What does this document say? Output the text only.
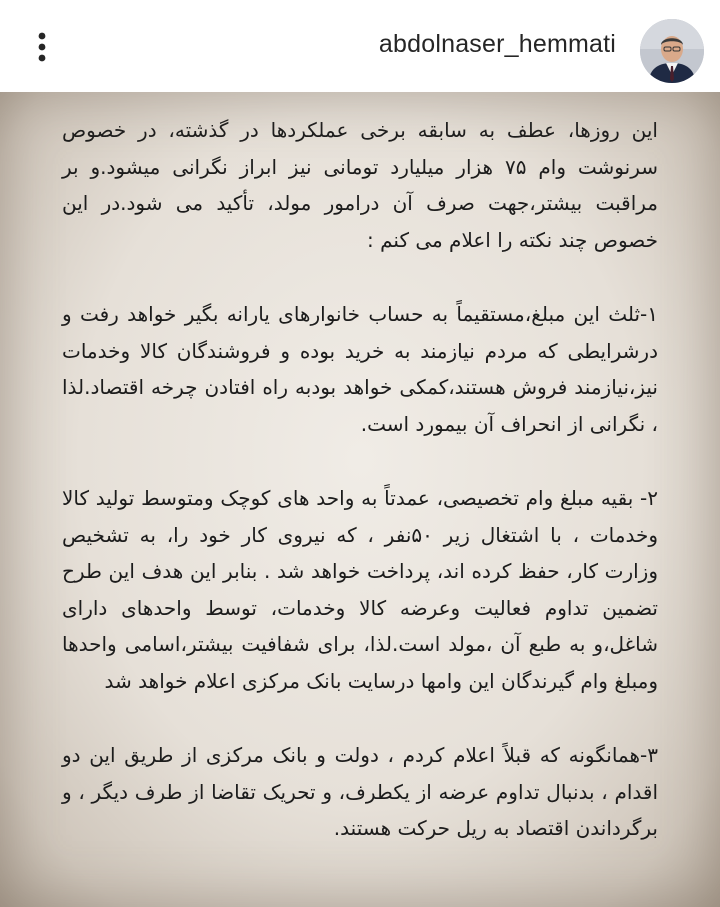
abdolnaser_hemmati

این روزها، عطف به سابقه برخی عملکردها در گذشته، در خصوص سرنوشت وام ۷۵ هزار میلیارد تومانی نیز ابراز نگرانی میشود.و بر مراقبت بیشتر،جهت صرف آن درامور مولد، تأکید می شود.در این خصوص چند نکته را اعلام می کنم :

۱-ثلث این مبلغ،مستقیماً به حساب خانوارهای یارانه بگیر خواهد رفت و درشرایطی که مردم نیازمند به خرید بوده و فروشندگان کالا وخدمات نیز،نیازمند فروش هستند،کمکی خواهد بودبه راه افتادن چرخه اقتصاد.لذا ، نگرانی از انحراف آن بیمورد است.

۲- بقیه مبلغ وام تخصیصی، عمدتاً به واحد های کوچک ومتوسط تولید کالا وخدمات ، با اشتغال زیر ۵۰نفر ، که نیروی کار خود را، به تشخیص وزارت کار، حفظ کرده اند، پرداخت خواهد شد . بنابر این هدف این طرح تضمین تداوم فعالیت وعرضه کالا وخدمات، توسط واحدهای دارای شاغل،و به طبع آن ،مولد است.لذا، برای شفافیت بیشتر،اسامی واحدها ومبلغ وام گیرندگان این وامها درسایت بانک مرکزی اعلام خواهد شد

۳-همانگونه که قبلاً اعلام کردم ، دولت و بانک مرکزی از طریق این دو اقدام ، بدنبال تداوم عرضه از یکطرف، و تحریک تقاضا از طرف دیگر ، و برگرداندن اقتصاد به ریل حرکت هستند.
